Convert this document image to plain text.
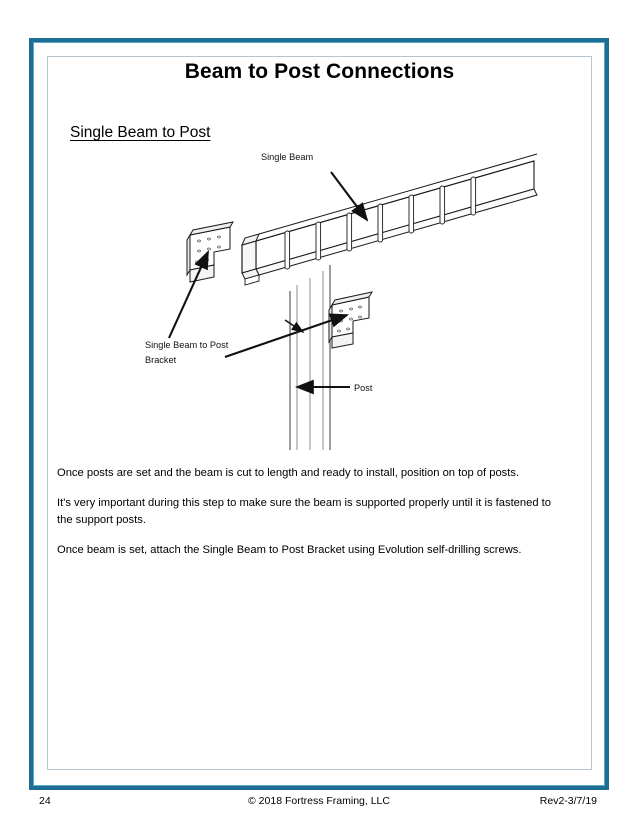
Beam to Post Connections
Single Beam to Post
Single Beam
Single Beam to Post
Bracket
Post

Once posts are set and the beam is cut to length and ready to install, position on top of posts.

It's very important during this step to make sure the beam is supported properly until it is fastened to the support posts.

Once beam is set, attach the Single Beam to Post Bracket using Evolution self-drilling screws.

24	© 2018 Fortress Framing, LLC	Rev2-3/7/19
